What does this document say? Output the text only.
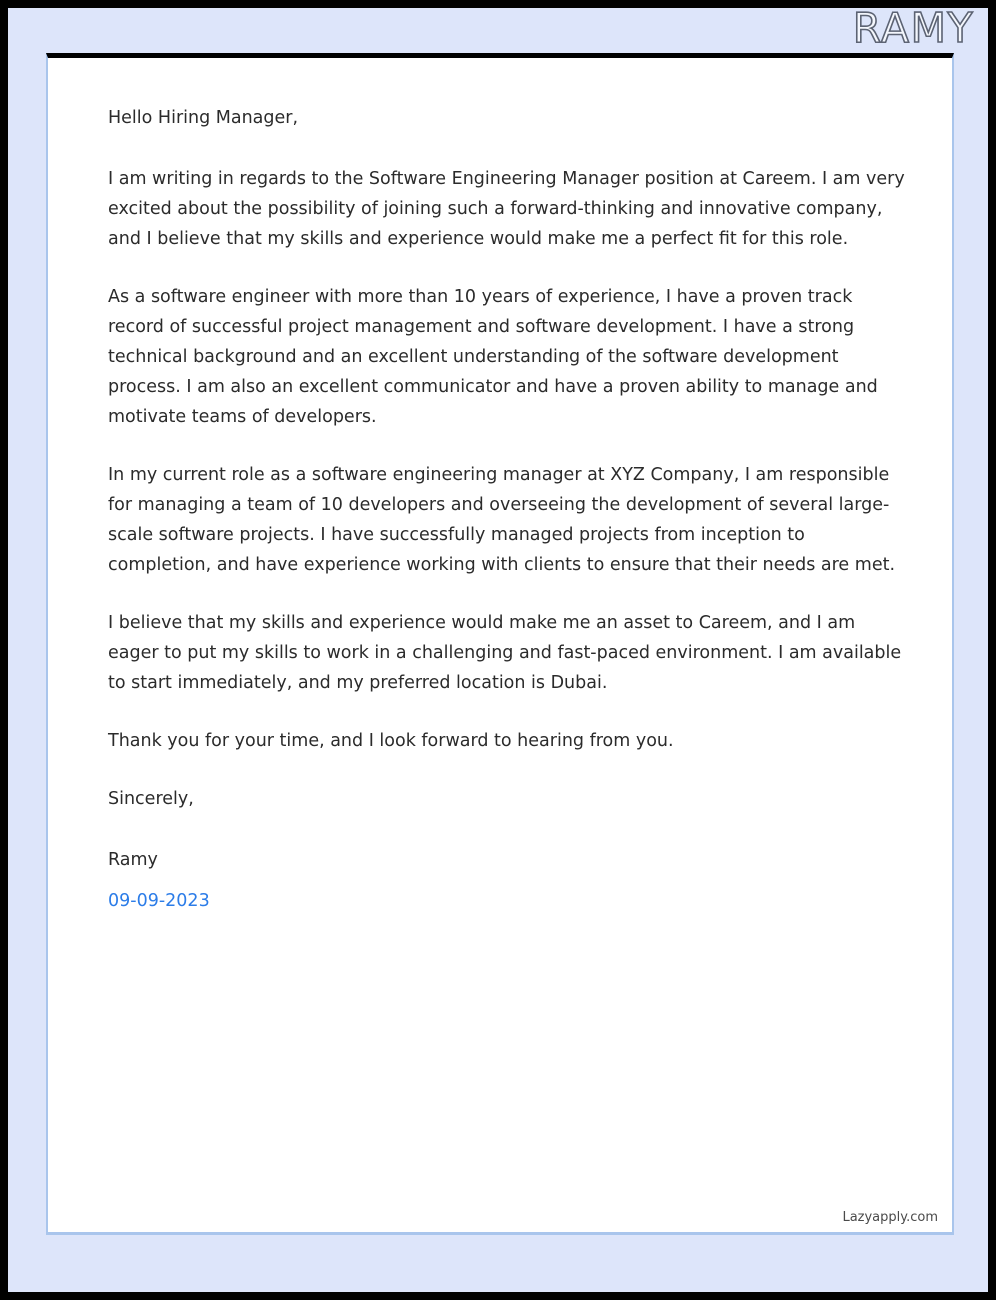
RAMY

Hello Hiring Manager,

I am writing in regards to the Software Engineering Manager position at Careem. I am very excited about the possibility of joining such a forward-thinking and innovative company, and I believe that my skills and experience would make me a perfect fit for this role.

As a software engineer with more than 10 years of experience, I have a proven track record of successful project management and software development. I have a strong technical background and an excellent understanding of the software development process. I am also an excellent communicator and have a proven ability to manage and motivate teams of developers.

In my current role as a software engineering manager at XYZ Company, I am responsible for managing a team of 10 developers and overseeing the development of several large-scale software projects. I have successfully managed projects from inception to completion, and have experience working with clients to ensure that their needs are met.

I believe that my skills and experience would make me an asset to Careem, and I am eager to put my skills to work in a challenging and fast-paced environment. I am available to start immediately, and my preferred location is Dubai.

Thank you for your time, and I look forward to hearing from you.

Sincerely,

Ramy

09-09-2023

Lazyapply.com
